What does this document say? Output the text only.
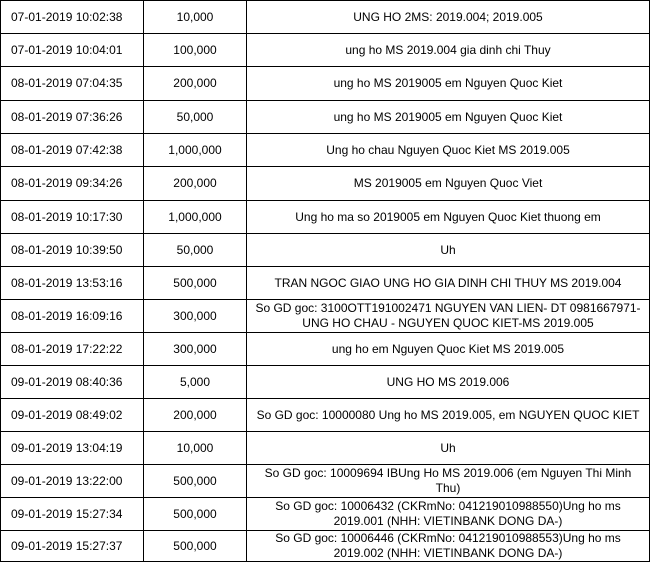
07-01-2019 10:02:38	10,000	UNG HO 2MS: 2019.004; 2019.005
07-01-2019 10:04:01	100,000	ung ho MS 2019.004 gia dinh chi Thuy
08-01-2019 07:04:35	200,000	ung ho MS 2019005 em Nguyen Quoc Kiet
08-01-2019 07:36:26	50,000	ung ho MS 2019005 em Nguyen Quoc Kiet
08-01-2019 07:42:38	1,000,000	Ung ho chau Nguyen Quoc Kiet MS 2019.005
08-01-2019 09:34:26	200,000	MS 2019005 em Nguyen Quoc Viet
08-01-2019 10:17:30	1,000,000	Ung ho ma so 2019005 em Nguyen Quoc Kiet thuong em
08-01-2019 10:39:50	50,000	Uh
08-01-2019 13:53:16	500,000	TRAN NGOC GIAO UNG HO GIA DINH CHI THUY MS 2019.004
08-01-2019 16:09:16	300,000	So GD goc: 3100OTT191002471 NGUYEN VAN LIEN- DT 0981667971- UNG HO CHAU - NGUYEN QUOC KIET-MS 2019.005
08-01-2019 17:22:22	300,000	ung ho em Nguyen Quoc Kiet MS 2019.005
09-01-2019 08:40:36	5,000	UNG HO MS 2019.006
09-01-2019 08:49:02	200,000	So GD goc: 10000080 Ung ho MS 2019.005, em NGUYEN QUOC KIET
09-01-2019 13:04:19	10,000	Uh
09-01-2019 13:22:00	500,000	So GD goc: 10009694 IBUng Ho MS 2019.006 (em Nguyen Thi Minh Thu)
09-01-2019 15:27:34	500,000	So GD goc: 10006432 (CKRmNo: 041219010988550)Ung ho ms 2019.001 (NHH: VIETINBANK DONG DA-)
09-01-2019 15:27:37	500,000	So GD goc: 10006446 (CKRmNo: 041219010988553)Ung ho ms 2019.002 (NHH: VIETINBANK DONG DA-)
